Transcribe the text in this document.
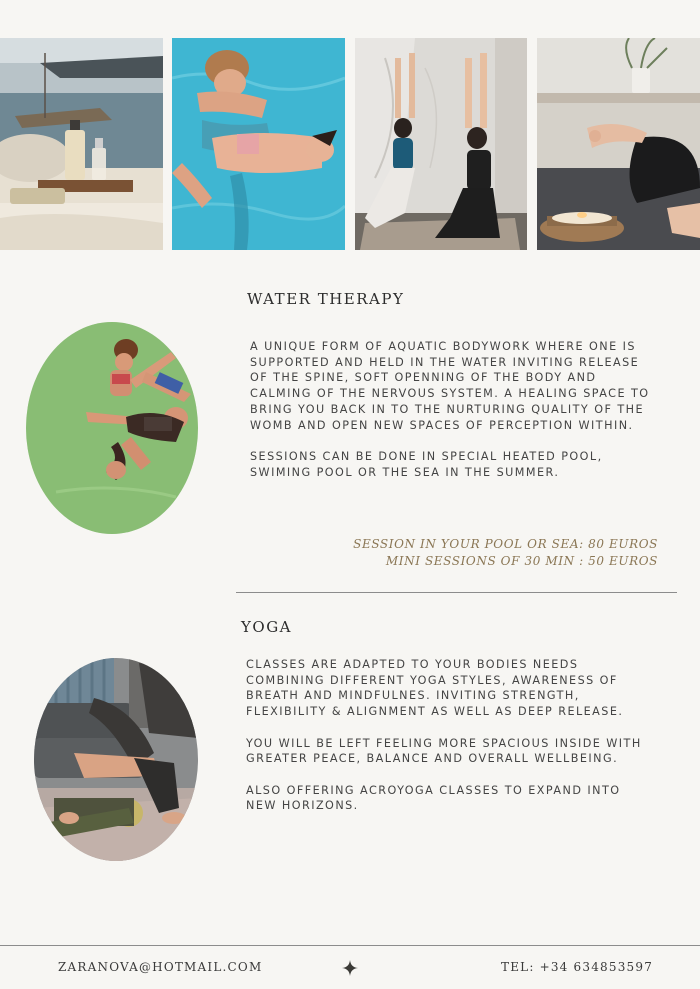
WATER THERAPY

A UNIQUE FORM OF AQUATIC BODYWORK WHERE ONE IS SUPPORTED AND HELD IN THE WATER INVITING RELEASE OF THE SPINE, SOFT OPENNING OF THE BODY AND CALMING OF THE NERVOUS SYSTEM. A HEALING SPACE TO BRING YOU BACK IN TO THE NURTURING QUALITY OF THE WOMB AND OPEN NEW SPACES OF PERCEPTION WITHIN.

SESSIONS CAN BE DONE IN SPECIAL HEATED POOL, SWIMING POOL OR THE SEA IN THE SUMMER.

SESSION IN YOUR POOL OR SEA: 80 EUROS
MINI SESSIONS OF 30 MIN : 50 EUROS
YOGA

CLASSES ARE ADAPTED TO YOUR BODIES NEEDS COMBINING DIFFERENT YOGA STYLES, AWARENESS OF BREATH AND MINDFULNES. INVITING STRENGTH, FLEXIBILITY & ALIGNMENT AS WELL AS DEEP RELEASE.

YOU WILL BE LEFT FEELING MORE SPACIOUS INSIDE WITH GREATER PEACE, BALANCE AND OVERALL WELLBEING.

ALSO OFFERING ACROYOGA CLASSES TO EXPAND INTO NEW HORIZONS.

ZARANOVA@HOTMAIL.COM	TEL: +34 634853597
